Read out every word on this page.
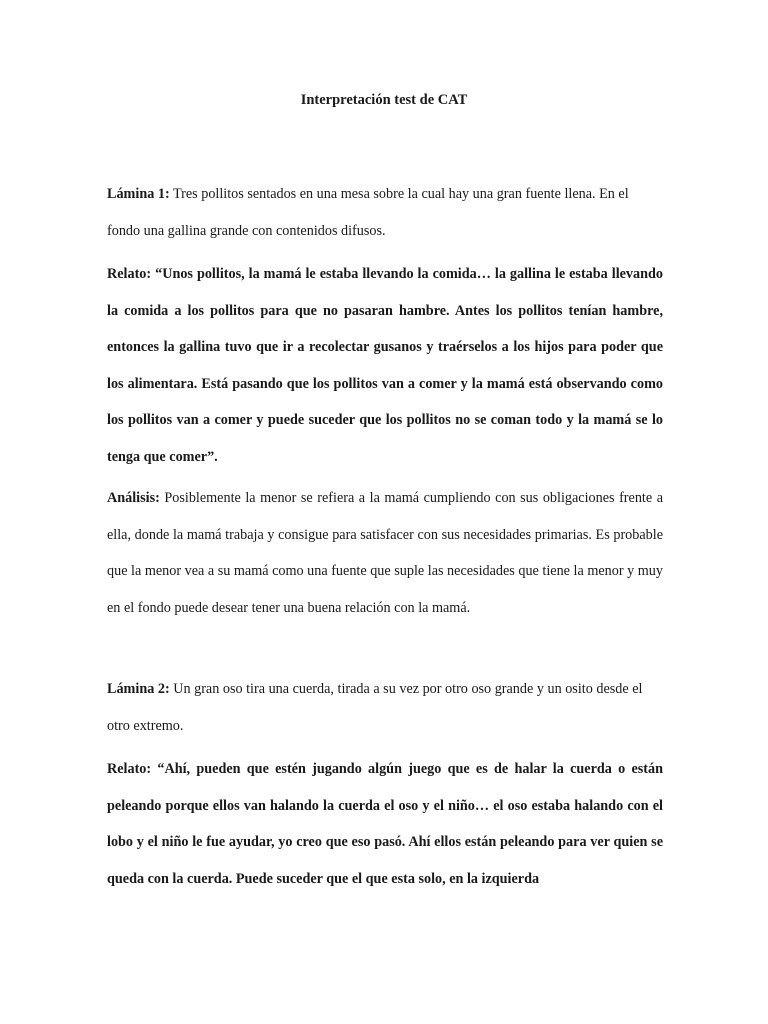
Interpretación test de CAT

Lámina 1: Tres pollitos sentados en una mesa sobre la cual hay una gran fuente llena. En el fondo una gallina grande con contenidos difusos.

Relato: “Unos pollitos, la mamá le estaba llevando la comida… la gallina le estaba llevando la comida a los pollitos para que no pasaran hambre. Antes los pollitos tenían hambre, entonces la gallina tuvo que ir a recolectar gusanos y traérselos a los hijos para poder que los alimentara. Está pasando que los pollitos van a comer y la mamá está observando como los pollitos van a comer y puede suceder que los pollitos no se coman todo y la mamá se lo tenga que comer”.

Análisis: Posiblemente la menor se refiera a la mamá cumpliendo con sus obligaciones frente a ella, donde la mamá trabaja y consigue para satisfacer con sus necesidades primarias. Es probable que la menor vea a su mamá como una fuente que suple las necesidades que tiene la menor y muy en el fondo puede desear tener una buena relación con la mamá.

Lámina 2: Un gran oso tira una cuerda, tirada a su vez por otro oso grande y un osito desde el otro extremo.

Relato: “Ahí, pueden que estén jugando algún juego que es de halar la cuerda o están peleando porque ellos van halando la cuerda el oso y el niño… el oso estaba halando con el lobo y el niño le fue ayudar, yo creo que eso pasó. Ahí ellos están peleando para ver quien se queda con la cuerda. Puede suceder que el que esta solo, en la izquierda
